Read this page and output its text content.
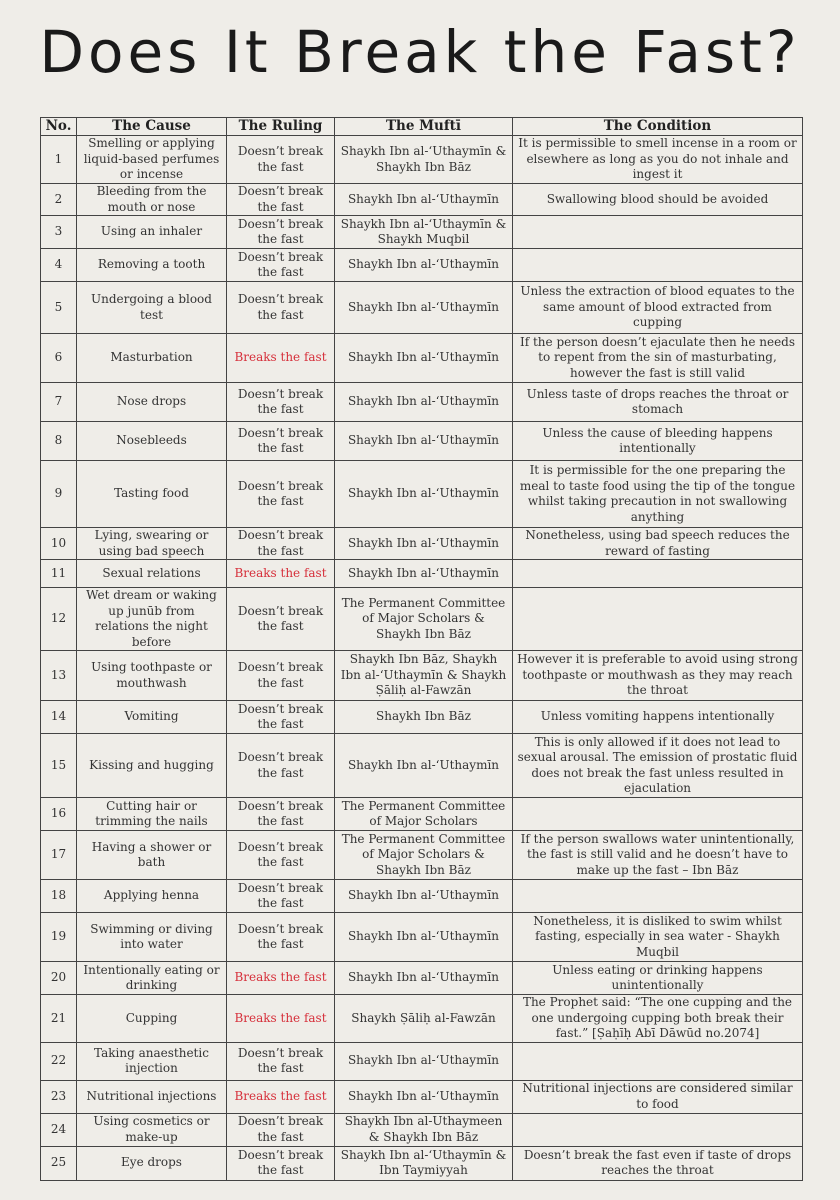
Does It Break the Fast?
No.	The Cause	The Ruling	The Muftī	The Condition
1	Smelling or applying liquid-based perfumes or incense	Doesn’t break the fast	Shaykh Ibn al-‘Uthaymīn & Shaykh Ibn Bāz	It is permissible to smell incense in a room or elsewhere as long as you do not inhale and ingest it
2	Bleeding from the mouth or nose	Doesn’t break the fast	Shaykh Ibn al-‘Uthaymīn	Swallowing blood should be avoided
3	Using an inhaler	Doesn’t break the fast	Shaykh Ibn al-‘Uthaymīn & Shaykh Muqbil	
4	Removing a tooth	Doesn’t break the fast	Shaykh Ibn al-‘Uthaymīn	
5	Undergoing a blood test	Doesn’t break the fast	Shaykh Ibn al-‘Uthaymīn	Unless the extraction of blood equates to the same amount of blood extracted from cupping
6	Masturbation	Breaks the fast	Shaykh Ibn al-‘Uthaymīn	If the person doesn’t ejaculate then he needs to repent from the sin of masturbating, however the fast is still valid
7	Nose drops	Doesn’t break the fast	Shaykh Ibn al-‘Uthaymīn	Unless taste of drops reaches the throat or stomach
8	Nosebleeds	Doesn’t break the fast	Shaykh Ibn al-‘Uthaymīn	Unless the cause of bleeding happens intentionally
9	Tasting food	Doesn’t break the fast	Shaykh Ibn al-‘Uthaymīn	It is permissible for the one preparing the meal to taste food using the tip of the tongue whilst taking precaution in not swallowing anything
10	Lying, swearing or using bad speech	Doesn’t break the fast	Shaykh Ibn al-‘Uthaymīn	Nonetheless, using bad speech reduces the reward of fasting
11	Sexual relations	Breaks the fast	Shaykh Ibn al-‘Uthaymīn	
12	Wet dream or waking up junūb from relations the night before	Doesn’t break the fast	The Permanent Committee of Major Scholars & Shaykh Ibn Bāz	
13	Using toothpaste or mouthwash	Doesn’t break the fast	Shaykh Ibn Bāz, Shaykh Ibn al-‘Uthaymīn & Shaykh Ṣāliḥ al-Fawzān	However it is preferable to avoid using strong toothpaste or mouthwash as they may reach the throat
14	Vomiting	Doesn’t break the fast	Shaykh Ibn Bāz	Unless vomiting happens intentionally
15	Kissing and hugging	Doesn’t break the fast	Shaykh Ibn al-‘Uthaymīn	This is only allowed if it does not lead to sexual arousal. The emission of prostatic fluid does not break the fast unless resulted in ejaculation
16	Cutting hair or trimming the nails	Doesn’t break the fast	The Permanent Committee of Major Scholars	
17	Having a shower or bath	Doesn’t break the fast	The Permanent Committee of Major Scholars & Shaykh Ibn Bāz	If the person swallows water unintentionally, the fast is still valid and he doesn’t have to make up the fast – Ibn Bāz
18	Applying henna	Doesn’t break the fast	Shaykh Ibn al-‘Uthaymīn	
19	Swimming or diving into water	Doesn’t break the fast	Shaykh Ibn al-‘Uthaymīn	Nonetheless, it is disliked to swim whilst fasting, especially in sea water - Shaykh Muqbil
20	Intentionally eating or drinking	Breaks the fast	Shaykh Ibn al-‘Uthaymīn	Unless eating or drinking happens unintentionally
21	Cupping	Breaks the fast	Shaykh Ṣāliḥ al-Fawzān	The Prophet said: “The one cupping and the one undergoing cupping both break their fast.” [Ṣaḥīḥ Abī Dāwūd no.2074]
22	Taking anaesthetic injection	Doesn’t break the fast	Shaykh Ibn al-‘Uthaymīn	
23	Nutritional injections	Breaks the fast	Shaykh Ibn al-‘Uthaymīn	Nutritional injections are considered similar to food
24	Using cosmetics or make-up	Doesn’t break the fast	Shaykh Ibn al-Uthaymeen & Shaykh Ibn Bāz	
25	Eye drops	Doesn’t break the fast	Shaykh Ibn al-‘Uthaymīn & Ibn Taymiyyah	Doesn’t break the fast even if taste of drops reaches the throat
